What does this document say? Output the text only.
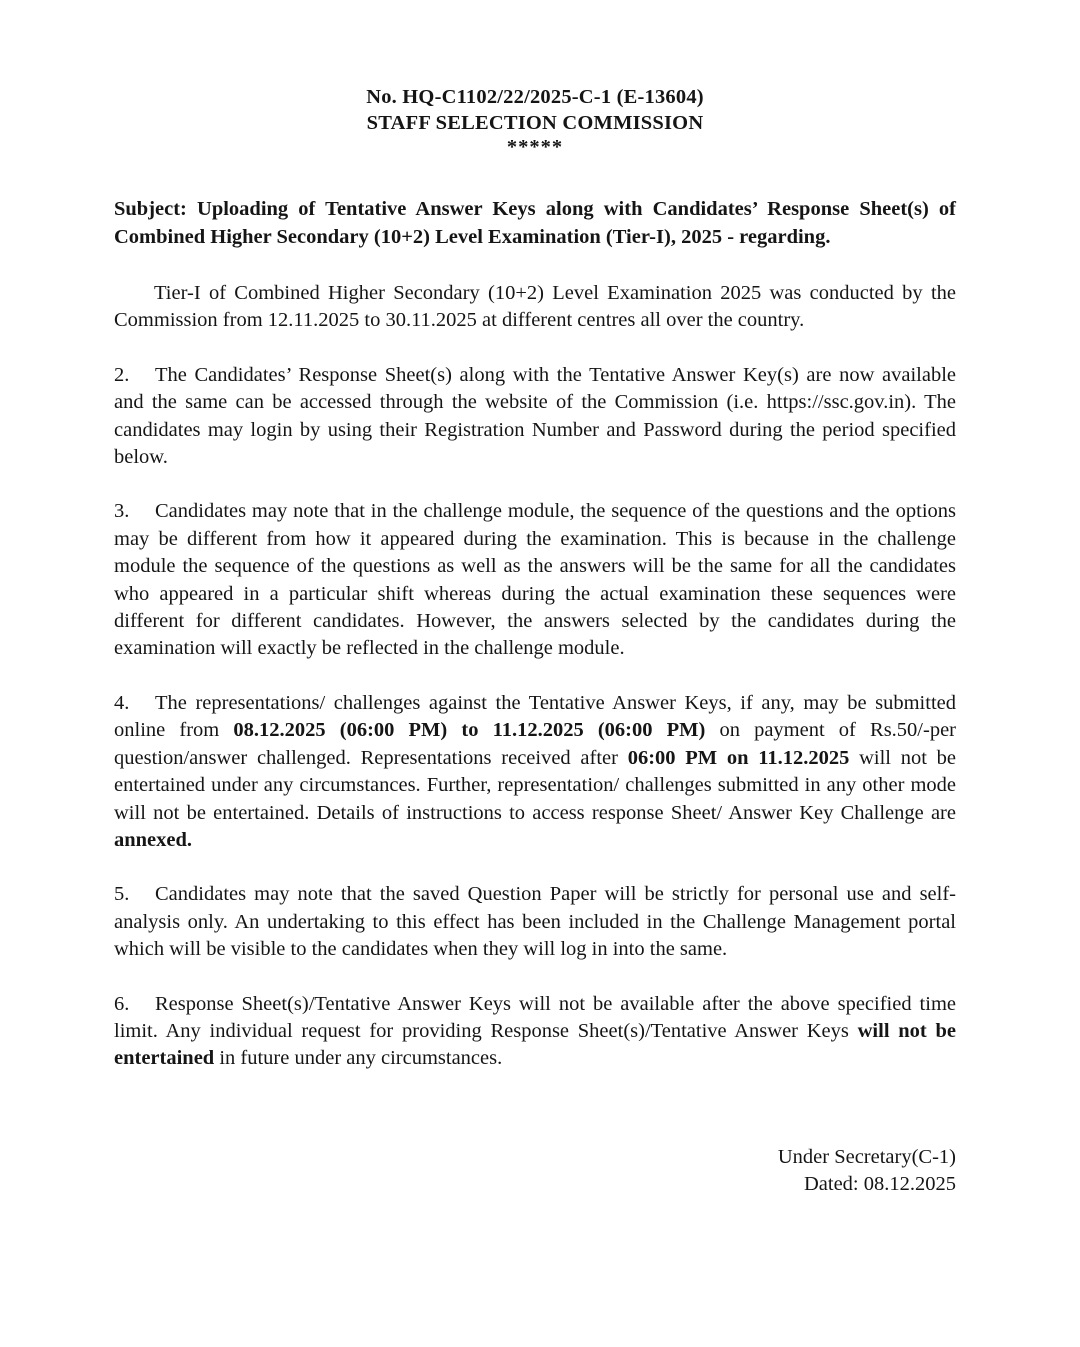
No. HQ-C1102/22/2025-C-1 (E-13604)
STAFF SELECTION COMMISSION
*****
Subject: Uploading of Tentative Answer Keys along with Candidates’ Response Sheet(s) of Combined Higher Secondary (10+2) Level Examination (Tier-I), 2025 - regarding.

Tier-I of Combined Higher Secondary (10+2) Level Examination 2025 was conducted by the Commission from 12.11.2025 to 30.11.2025 at different centres all over the country.

2. The Candidates’ Response Sheet(s) along with the Tentative Answer Key(s) are now available and the same can be accessed through the website of the Commission (i.e. https://ssc.gov.in). The candidates may login by using their Registration Number and Password during the period specified below.

3. Candidates may note that in the challenge module, the sequence of the questions and the options may be different from how it appeared during the examination. This is because in the challenge module the sequence of the questions as well as the answers will be the same for all the candidates who appeared in a particular shift whereas during the actual examination these sequences were different for different candidates. However, the answers selected by the candidates during the examination will exactly be reflected in the challenge module.

4. The representations/ challenges against the Tentative Answer Keys, if any, may be submitted online from 08.12.2025 (06:00 PM) to 11.12.2025 (06:00 PM) on payment of Rs.50/-per question/answer challenged. Representations received after 06:00 PM on 11.12.2025 will not be entertained under any circumstances. Further, representation/ challenges submitted in any other mode will not be entertained. Details of instructions to access response Sheet/ Answer Key Challenge are annexed.

5. Candidates may note that the saved Question Paper will be strictly for personal use and self-analysis only. An undertaking to this effect has been included in the Challenge Management portal which will be visible to the candidates when they will log in into the same.

6. Response Sheet(s)/Tentative Answer Keys will not be available after the above specified time limit. Any individual request for providing Response Sheet(s)/Tentative Answer Keys will not be entertained in future under any circumstances.

Under Secretary(C-1)
Dated: 08.12.2025
